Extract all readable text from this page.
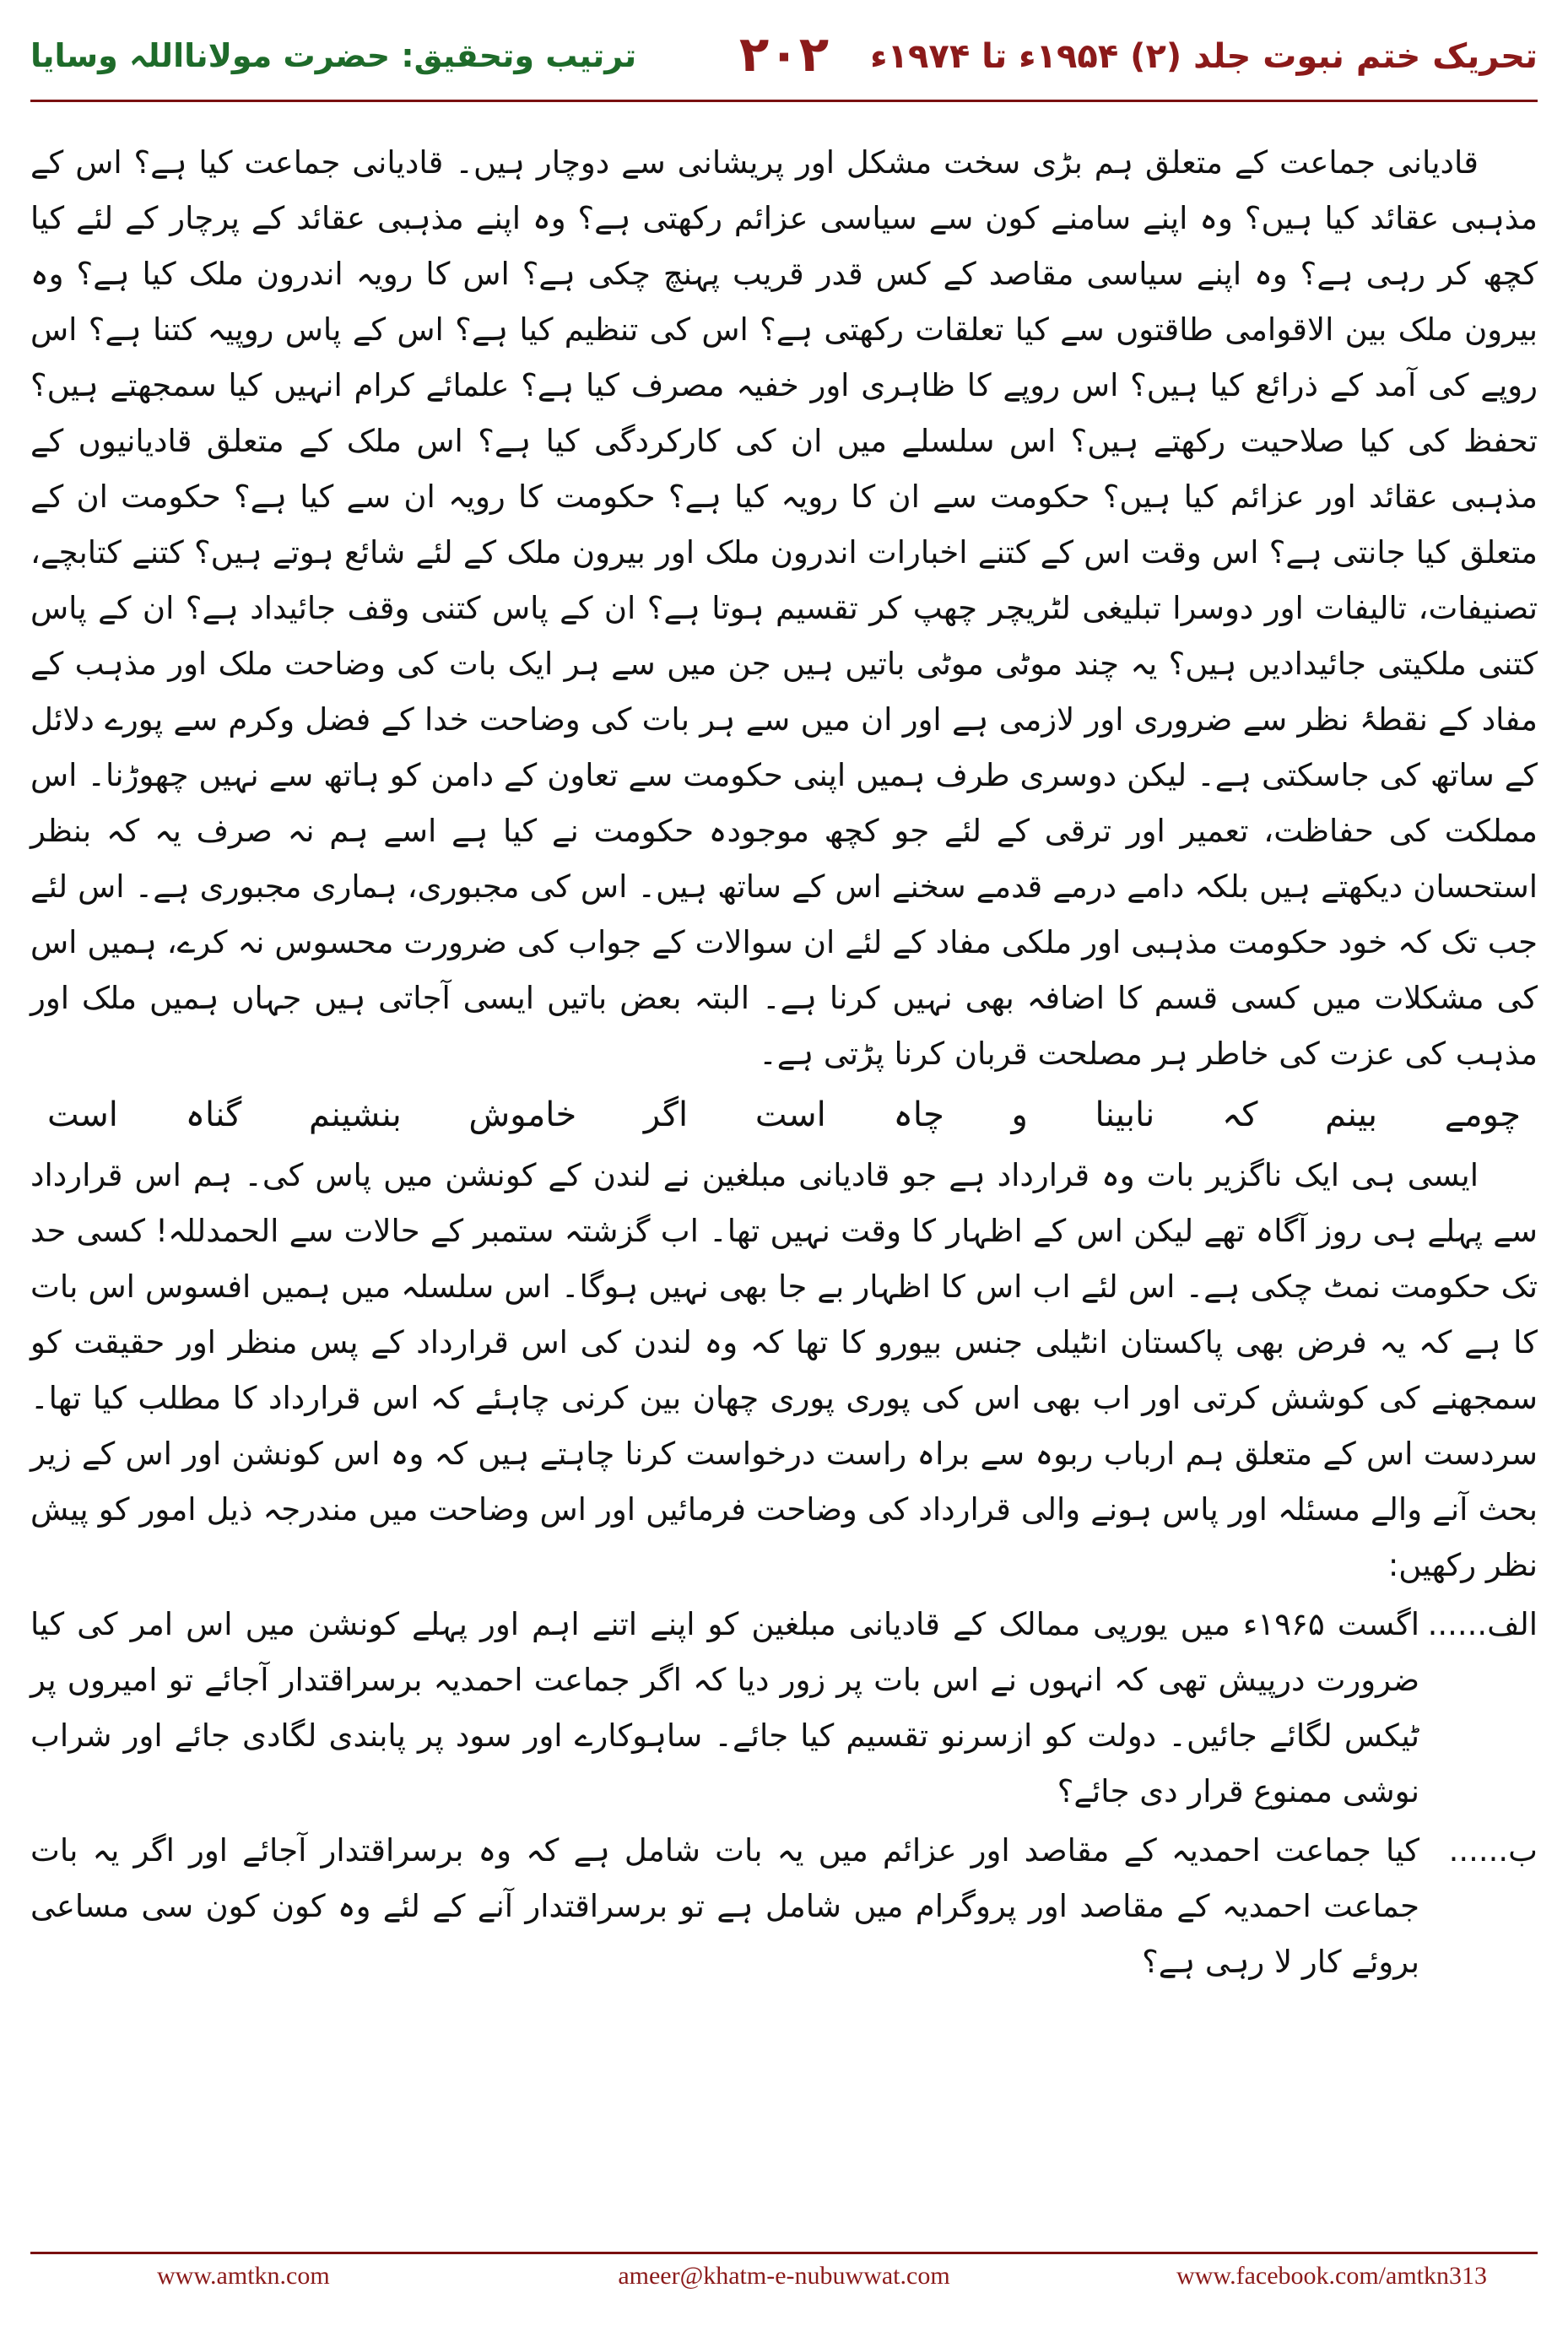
تحریک ختم نبوت جلد (۲) ۱۹۵۴ء تا ۱۹۷۴ء
۲۰۲
ترتیب وتحقیق: حضرت مولانااللہ وسایا

قادیانی جماعت کے متعلق ہم بڑی سخت مشکل اور پریشانی سے دوچار ہیں۔ قادیانی جماعت کیا ہے؟ اس کے مذہبی عقائد کیا ہیں؟ وہ اپنے سامنے کون سے سیاسی عزائم رکھتی ہے؟ وہ اپنے مذہبی عقائد کے پرچار کے لئے کیا کچھ کر رہی ہے؟ وہ اپنے سیاسی مقاصد کے کس قدر قریب پہنچ چکی ہے؟ اس کا رویہ اندرون ملک کیا ہے؟ وہ بیرون ملک بین الاقوامی طاقتوں سے کیا تعلقات رکھتی ہے؟ اس کی تنظیم کیا ہے؟ اس کے پاس روپیہ کتنا ہے؟ اس روپے کی آمد کے ذرائع کیا ہیں؟ اس روپے کا ظاہری اور خفیہ مصرف کیا ہے؟ علمائے کرام انہیں کیا سمجھتے ہیں؟ تحفظ کی کیا صلاحیت رکھتے ہیں؟ اس سلسلے میں ان کی کارکردگی کیا ہے؟ اس ملک کے متعلق قادیانیوں کے مذہبی عقائد اور عزائم کیا ہیں؟ حکومت سے ان کا رویہ کیا ہے؟ حکومت کا رویہ ان سے کیا ہے؟ حکومت ان کے متعلق کیا جانتی ہے؟ اس وقت اس کے کتنے اخبارات اندرون ملک اور بیرون ملک کے لئے شائع ہوتے ہیں؟ کتنے کتابچے، تصنیفات، تالیفات اور دوسرا تبلیغی لٹریچر چھپ کر تقسیم ہوتا ہے؟ ان کے پاس کتنی وقف جائیداد ہے؟ ان کے پاس کتنی ملکیتی جائیدادیں ہیں؟ یہ چند موٹی موٹی باتیں ہیں جن میں سے ہر ایک بات کی وضاحت ملک اور مذہب کے مفاد کے نقطۂ نظر سے ضروری اور لازمی ہے اور ان میں سے ہر بات کی وضاحت خدا کے فضل وکرم سے پورے دلائل کے ساتھ کی جاسکتی ہے۔ لیکن دوسری طرف ہمیں اپنی حکومت سے تعاون کے دامن کو ہاتھ سے نہیں چھوڑنا۔ اس مملکت کی حفاظت، تعمیر اور ترقی کے لئے جو کچھ موجودہ حکومت نے کیا ہے اسے ہم نہ صرف یہ کہ بنظر استحسان دیکھتے ہیں بلکہ دامے درمے قدمے سخنے اس کے ساتھ ہیں۔ اس کی مجبوری، ہماری مجبوری ہے۔ اس لئے جب تک کہ خود حکومت مذہبی اور ملکی مفاد کے لئے ان سوالات کے جواب کی ضرورت محسوس نہ کرے، ہمیں اس کی مشکلات میں کسی قسم کا اضافہ بھی نہیں کرنا ہے۔ البتہ بعض باتیں ایسی آجاتی ہیں جہاں ہمیں ملک اور مذہب کی عزت کی خاطر ہر مصلحت قربان کرنا پڑتی ہے۔

چومے
بینم
کہ
نابینا
و
چاہ
است
اگر
خاموش
بنشینم
گناہ
است

ایسی ہی ایک ناگزیر بات وہ قرارداد ہے جو قادیانی مبلغین نے لندن کے کونشن میں پاس کی۔ ہم اس قرارداد سے پہلے ہی روز آگاہ تھے لیکن اس کے اظہار کا وقت نہیں تھا۔ اب گزشتہ ستمبر کے حالات سے الحمدللہ! کسی حد تک حکومت نمٹ چکی ہے۔ اس لئے اب اس کا اظہار بے جا بھی نہیں ہوگا۔ اس سلسلہ میں ہمیں افسوس اس بات کا ہے کہ یہ فرض بھی پاکستان انٹیلی جنس بیورو کا تھا کہ وہ لندن کی اس قرارداد کے پس منظر اور حقیقت کو سمجھنے کی کوشش کرتی اور اب بھی اس کی پوری پوری چھان بین کرنی چاہئے کہ اس قرارداد کا مطلب کیا تھا۔ سردست اس کے متعلق ہم ارباب ربوہ سے براہ راست درخواست کرنا چاہتے ہیں کہ وہ اس کونشن اور اس کے زیر بحث آنے والے مسئلہ اور پاس ہونے والی قرارداد کی وضاحت فرمائیں اور اس وضاحت میں مندرجہ ذیل امور کو پیش نظر رکھیں:

الف......
اگست ۱۹۶۵ء میں یورپی ممالک کے قادیانی مبلغین کو اپنے اتنے اہم اور پہلے کونشن میں اس امر کی کیا ضرورت درپیش تھی کہ انہوں نے اس بات پر زور دیا کہ اگر جماعت احمدیہ برسراقتدار آجائے تو امیروں پر ٹیکس لگائے جائیں۔ دولت کو ازسرنو تقسیم کیا جائے۔ ساہوکارے اور سود پر پابندی لگادی جائے اور شراب نوشی ممنوع قرار دی جائے؟
ب......
کیا جماعت احمدیہ کے مقاصد اور عزائم میں یہ بات شامل ہے کہ وہ برسراقتدار آجائے اور اگر یہ بات جماعت احمدیہ کے مقاصد اور پروگرام میں شامل ہے تو برسراقتدار آنے کے لئے وہ کون کون سی مساعی بروئے کار لا رہی ہے؟
www.amtkn.com	ameer@khatm-e-nubuwwat.com	www.facebook.com/amtkn313
